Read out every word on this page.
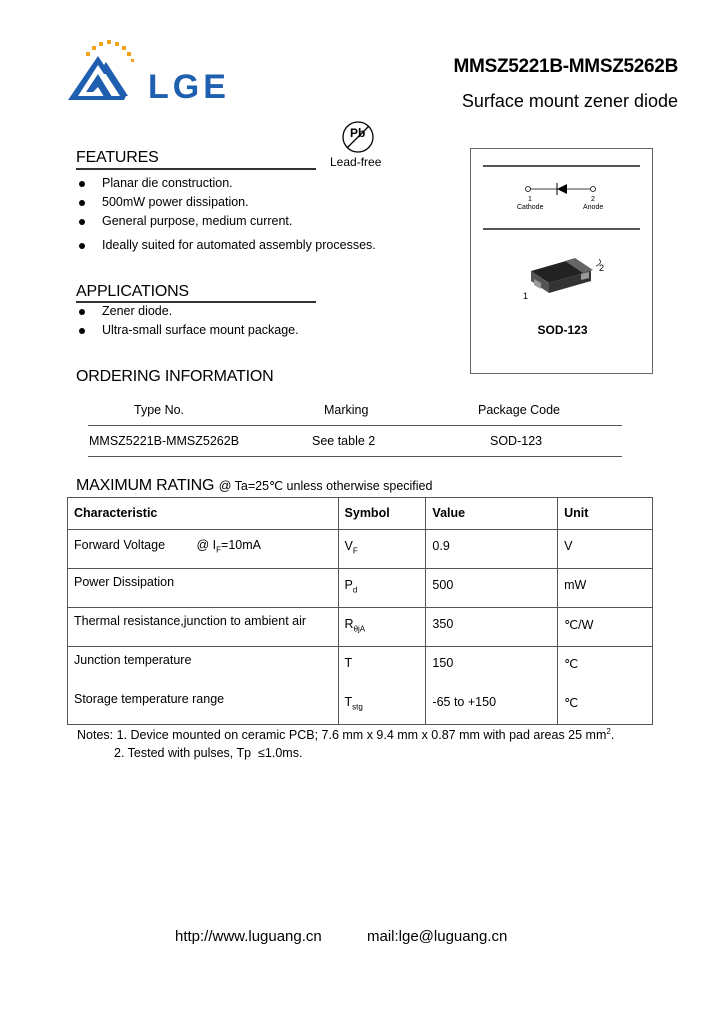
LGE
MMSZ5221B-MMSZ5262B
Surface mount zener diode
Pb
Lead-free
FEATURES
Planar die construction.
500mW power dissipation.
General purpose, medium current.
Ideally suited for automated assembly processes.
APPLICATIONS
Zener diode.
Ultra-small surface mount package.
1	2
Cathode	Anode
2
1
SOD-123
ORDERING INFORMATION
Type No.	Marking	Package Code
MMSZ5221B-MMSZ5262B	See table 2	SOD-123
MAXIMUM RATING @ Ta=25℃ unless otherwise specified
Characteristic	Symbol	Value	Unit
Forward Voltage @ $I_F=10mA$	$V_F$	0.9	V
Power Dissipation	$P_d$	500	mW
Thermal resistance,junction to ambient air	$R_{\theta jA}$	350	℃/W
Junction temperature	$T_j$	150	℃
Storage temperature range	$T_{stg}$	-65 to +150	℃
Notes: 1. Device mounted on ceramic PCB; 7.6 mm x 9.4 mm x 0.87 mm with pad areas 25 $mm^2$.
2. Tested with pulses, Tp  ≤1.0ms.
http://www.luguang.cn	mail:lge@luguang.cn
